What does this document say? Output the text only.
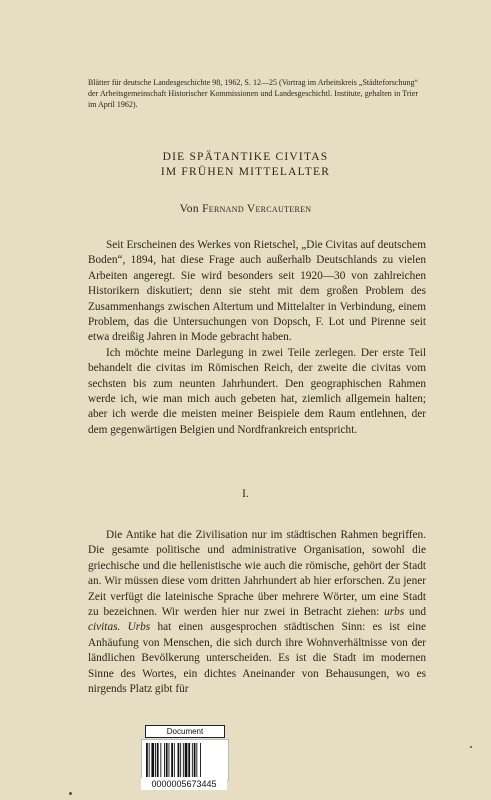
Blätter für deutsche Landesgeschichte 98, 1962, S. 12—25 (Vortrag im Arbeitskreis „Städteforschung“ der Arbeitsgemeinschaft Historischer Kommissionen und Landesgeschichtl. Institute, gehalten in Trier im April 1962).

DIE SPÄTANTIKE CIVITAS
IM FRÜHEN MITTELALTER
Von Fernand Vercauteren

Seit Erscheinen des Werkes von Rietschel, „Die Civitas auf deutschem Boden“, 1894, hat diese Frage auch außerhalb Deutschlands zu vielen Arbeiten angeregt. Sie wird besonders seit 1920—30 von zahlreichen Historikern diskutiert; denn sie steht mit dem großen Problem des Zusammenhangs zwischen Altertum und Mittelalter in Verbindung, einem Problem, das die Untersuchungen von Dopsch, F. Lot und Pirenne seit etwa dreißig Jahren in Mode gebracht haben.

Ich möchte meine Darlegung in zwei Teile zerlegen. Der erste Teil behandelt die civitas im Römischen Reich, der zweite die civitas vom sechsten bis zum neunten Jahrhundert. Den geographischen Rahmen werde ich, wie man mich auch gebeten hat, ziemlich allgemein halten; aber ich werde die meisten meiner Beispiele dem Raum entlehnen, der dem gegenwärtigen Belgien und Nordfrankreich entspricht.

I.

Die Antike hat die Zivilisation nur im städtischen Rahmen begriffen. Die gesamte politische und administrative Organisation, sowohl die griechische und die hellenistische wie auch die römische, gehört der Stadt an. Wir müssen diese vom dritten Jahrhundert ab hier erforschen. Zu jener Zeit verfügt die lateinische Sprache über mehrere Wörter, um eine Stadt zu bezeichnen. Wir werden hier nur zwei in Betracht ziehen: urbs und civitas. Urbs hat einen ausgesprochen städtischen Sinn: es ist eine Anhäufung von Menschen, die sich durch ihre Wohnverhältnisse von der ländlichen Bevölkerung unterscheiden. Es ist die Stadt im modernen Sinne des Wortes, ein dichtes Aneinander von Behausungen, wo es nirgends Platz gibt für

Document
0000005673445
